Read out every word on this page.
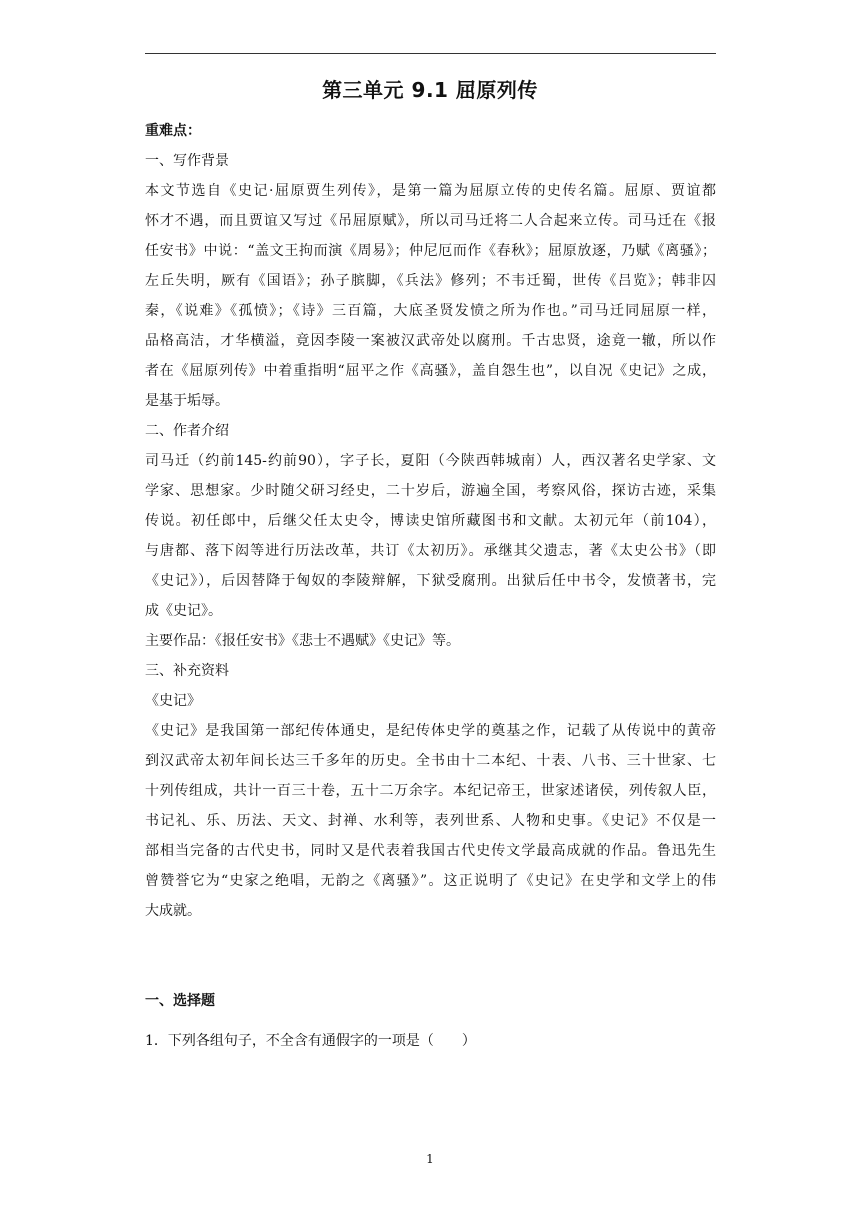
第三单元 9.1 屈原列传
重难点：
一、写作背景
本文节选自《史记·屈原贾生列传》，是第一篇为屈原立传的史传名篇。屈原、贾谊都
怀才不遇，而且贾谊又写过《吊屈原赋》，所以司马迁将二人合起来立传。司马迁在《报
任安书》中说：“盖文王拘而演《周易》；仲尼厄而作《春秋》；屈原放逐，乃赋《离骚》；
左丘失明，厥有《国语》；孙子膑脚，《兵法》修列；不韦迁蜀，世传《吕览》；韩非囚
秦，《说难》《孤愤》；《诗》三百篇，大底圣贤发愤之所为作也。”司马迁同屈原一样，
品格高洁，才华横溢，竟因李陵一案被汉武帝处以腐刑。千古忠贤，途竟一辙，所以作
者在《屈原列传》中着重指明“屈平之作《高骚》，盖自怨生也”，以自况《史记》之成，
是基于垢辱。
二、作者介绍
司马迁（约前145-约前90），字子长，夏阳（今陕西韩城南）人，西汉著名史学家、文
学家、思想家。少时随父研习经史，二十岁后，游遍全国，考察风俗，探访古迹，采集
传说。初任郎中，后继父任太史令，博读史馆所藏图书和文献。太初元年（前104），
与唐都、落下闳等进行历法改革，共订《太初历》。承继其父遗志，著《太史公书》（即
《史记》），后因替降于匈奴的李陵辩解，下狱受腐刑。出狱后任中书令，发愤著书，完
成《史记》。
主要作品：《报任安书》《悲士不遇赋》《史记》等。
三、补充资料
《史记》
《史记》是我国第一部纪传体通史，是纪传体史学的奠基之作，记载了从传说中的黄帝
到汉武帝太初年间长达三千多年的历史。全书由十二本纪、十表、八书、三十世家、七
十列传组成，共计一百三十卷，五十二万余字。本纪记帝王，世家述诸侯，列传叙人臣，
书记礼、乐、历法、天文、封禅、水利等，表列世系、人物和史事。《史记》不仅是一
部相当完备的古代史书，同时又是代表着我国古代史传文学最高成就的作品。鲁迅先生
曾赞誉它为“史家之绝唱，无韵之《离骚》”。这正说明了《史记》在史学和文学上的伟
大成就。
一、选择题
1．下列各组句子，不全含有通假字的一项是（　　）
1
